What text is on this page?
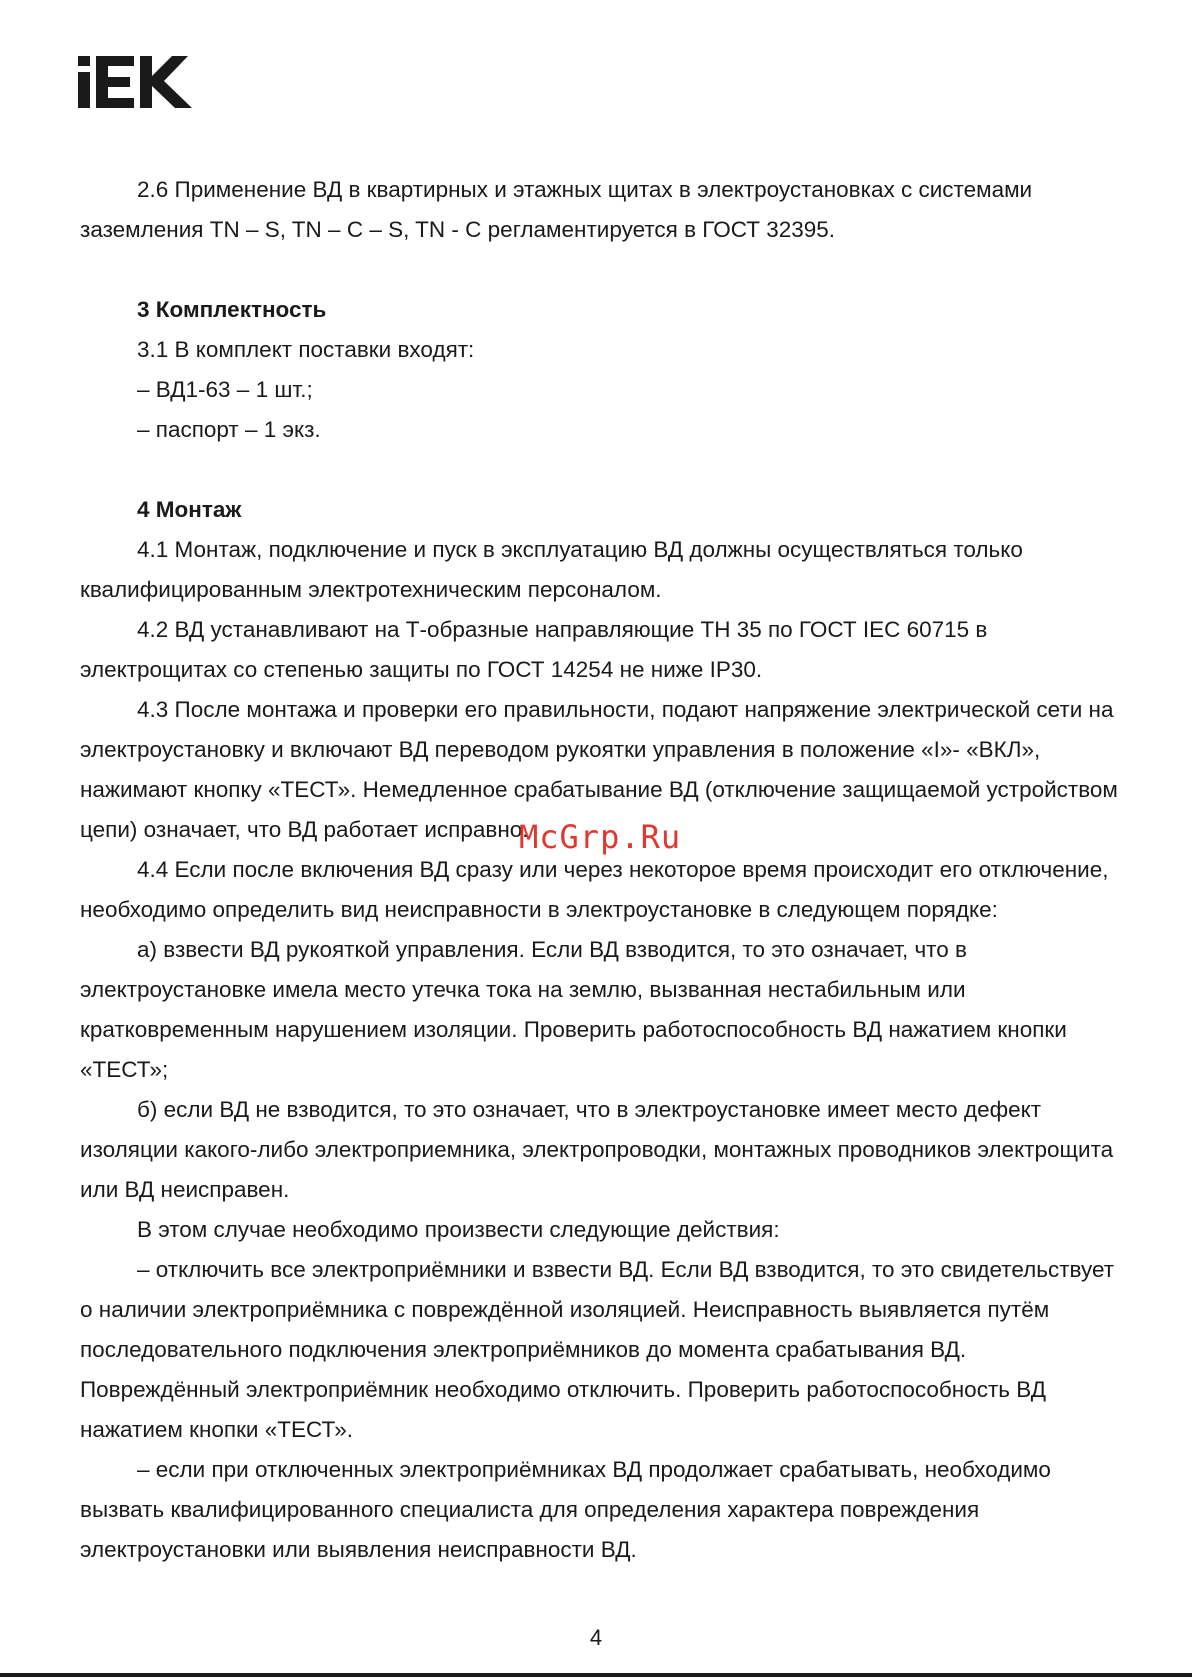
2.6 Применение ВД в квартирных и этажных щитах в электроустановках с системами заземления TN – S, TN – C – S, TN - C регламентируется в ГОСТ 32395.

3 Комплектность

3.1 В комплект поставки входят:

– ВД1-63 – 1 шт.;

– паспорт – 1 экз.

4 Монтаж

4.1 Монтаж, подключение и пуск в эксплуатацию ВД должны осуществляться только квалифицированным электротехническим персоналом.

4.2 ВД устанавливают на Т-образные направляющие ТН 35 по ГОСТ IEC 60715 в электрощитах со степенью защиты по ГОСТ 14254 не ниже IP30.

4.3 После монтажа и проверки его правильности, подают напряжение электрической сети на электроустановку и включают ВД переводом рукоятки управления в положение «I»- «ВКЛ», нажимают кнопку «ТЕСТ». Немедленное срабатывание ВД (отключение защищаемой устройством цепи) означает, что ВД работает исправно.

4.4 Если после включения ВД сразу или через некоторое время происходит его отключение, необходимо определить вид неисправности в электроустановке в следующем порядке:

а) взвести ВД рукояткой управления. Если ВД взводится, то это означает, что в электроустановке имела место утечка тока на землю, вызванная нестабильным или кратковременным нарушением изоляции. Проверить работоспособность ВД нажатием кнопки «ТЕСТ»;

б) если ВД не взводится, то это означает, что в электроустановке имеет место дефект изоляции какого-либо электроприемника, электропроводки, монтажных проводников электрощита или ВД неисправен.

В этом случае необходимо произвести следующие действия:

– отключить все электроприёмники и взвести ВД. Если ВД взводится, то это свидетельствует о наличии электроприёмника с повреждённой изоляцией. Неисправность выявляется путём последовательного подключения электроприёмников до момента срабатывания ВД. Повреждённый электроприёмник необходимо отключить. Проверить работоспособность ВД нажатием кнопки «ТЕСТ».

– если при отключенных электроприёмниках ВД продолжает срабатывать, необходимо вызвать квалифицированного специалиста для определения характера повреждения электроустановки или выявления неисправности ВД.

McGrp.Ru
4
